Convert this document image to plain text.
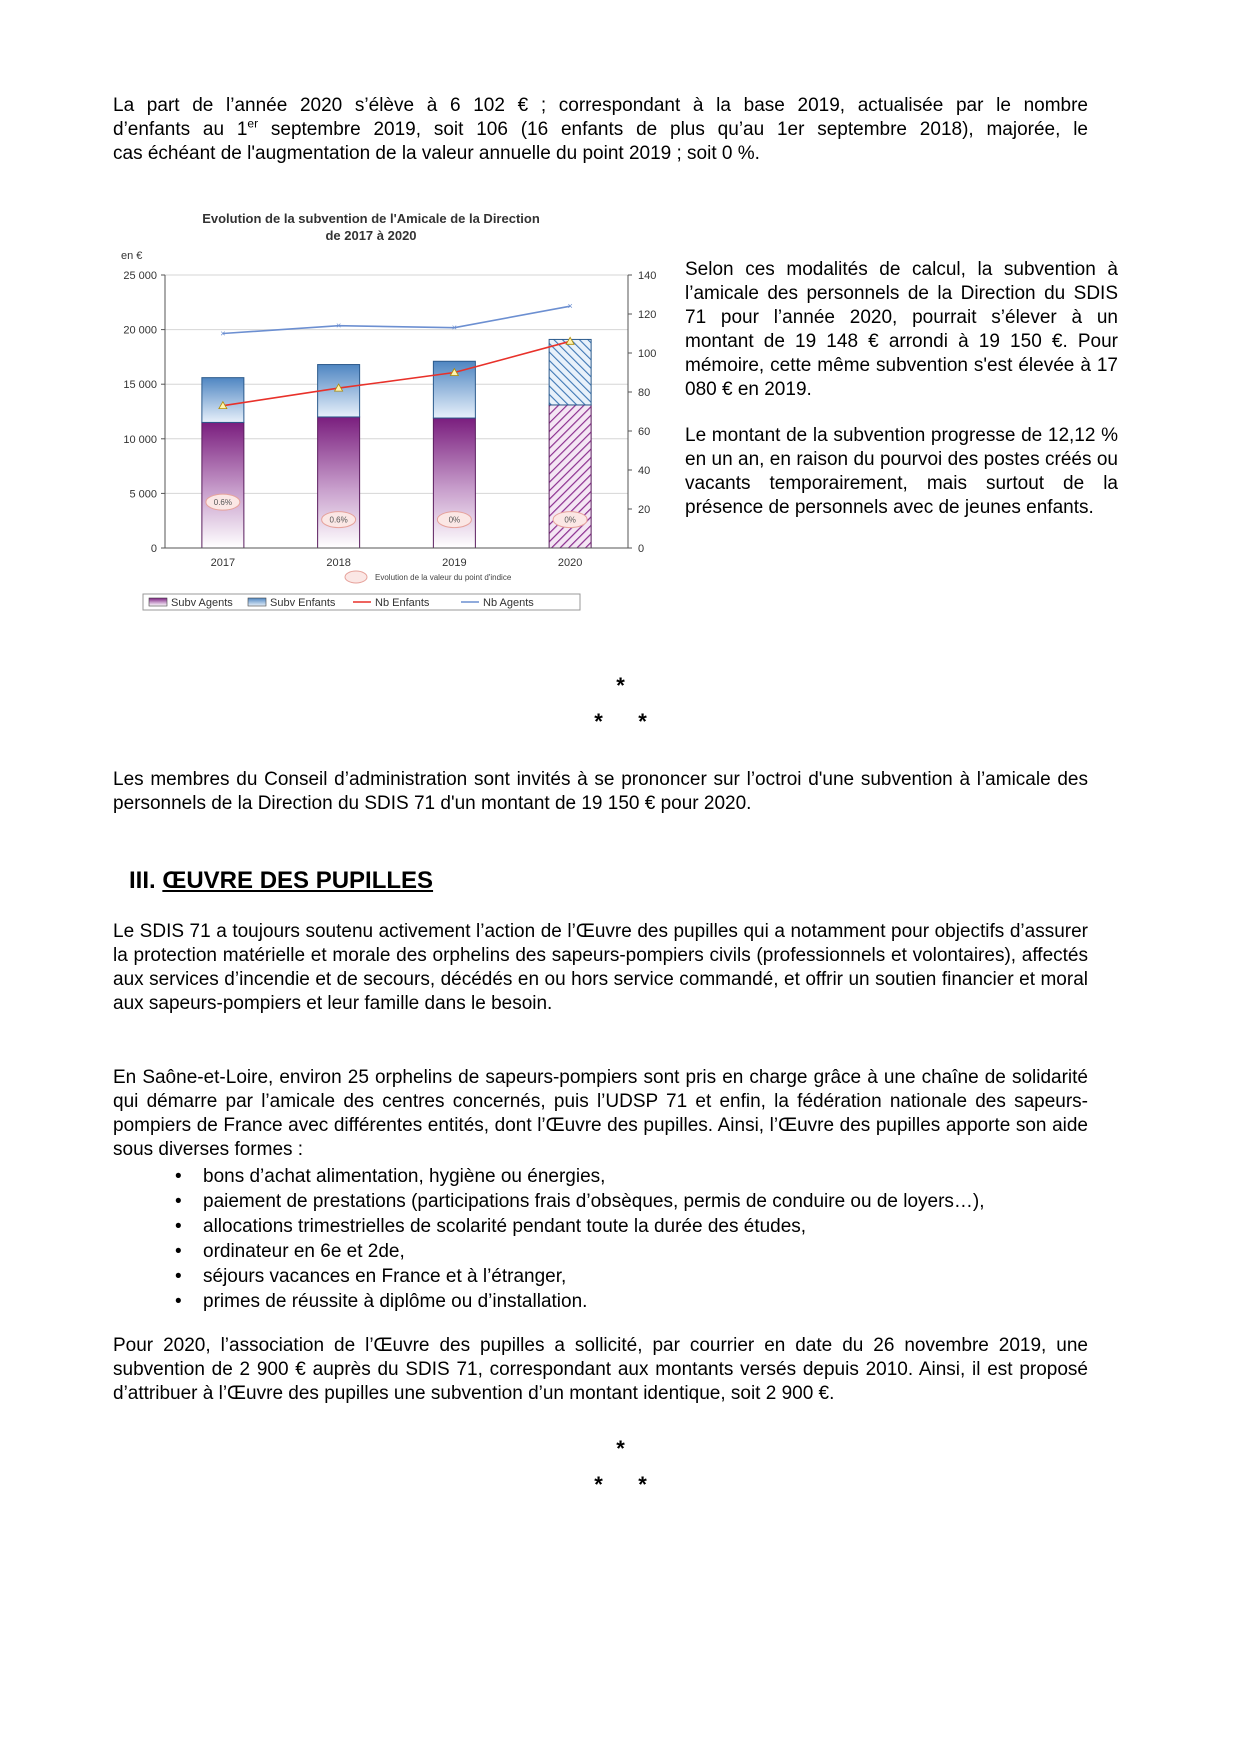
La part de l’année 2020 s’élève à 6 102 € ; correspondant à la base 2019, actualisée par le nombre
d’enfants au 1er septembre 2019, soit 106 (16 enfants de plus qu’au 1er septembre 2018), majorée, le
cas échéant de l'augmentation de la valeur annuelle du point 2019 ; soit 0 %.
Evolution de la subvention de l'Amicale de la Direction
de 2017 à 2020
en €
0.6%
0.6%	0%	0%
×
×	×
×
0
5 000
10 000
15 000
20 000
25 000
0
20
40
60
80
100
120
140
2017	2018	2019	2020
Evolution de la valeur du point d'indice
Subv Agents	Subv Enfants	Nb Enfants	Nb Agents
Selon ces modalités de calcul, la subvention à l’amicale des personnels de la Direction du SDIS 71 pour l’année 2020, pourrait s’élever à un montant de 19 148 € arrondi à 19 150 €. Pour mémoire, cette même subvention s'est élevée à 17 080 € en 2019.
Le montant de la subvention progresse de 12,12 % en un an, en raison du pourvoi des postes créés ou vacants temporairement, mais surtout de la présence de personnels avec de jeunes enfants.
*
* *
Les membres du Conseil d’administration sont invités à se prononcer sur l’octroi d'une subvention à l’amicale des personnels de la Direction du SDIS 71 d'un montant de 19 150 € pour 2020.
III. ŒUVRE DES PUPILLES
Le SDIS 71 a toujours soutenu activement l’action de l’Œuvre des pupilles qui a notamment pour objectifs d’assurer la protection matérielle et morale des orphelins des sapeurs-pompiers civils (professionnels et volontaires), affectés aux services d’incendie et de secours, décédés en ou hors service commandé, et offrir un soutien financier et moral aux sapeurs-pompiers et leur famille dans le besoin.
En Saône-et-Loire, environ 25 orphelins de sapeurs-pompiers sont pris en charge grâce à une chaîne de solidarité qui démarre par l’amicale des centres concernés, puis l’UDSP 71 et enfin, la fédération nationale des sapeurs-pompiers de France avec différentes entités, dont l’Œuvre des pupilles. Ainsi, l’Œuvre des pupilles apporte son aide sous diverses formes :
• bons d’achat alimentation, hygiène ou énergies,
• paiement de prestations (participations frais d’obsèques, permis de conduire ou de loyers…),
• allocations trimestrielles de scolarité pendant toute la durée des études,
• ordinateur en 6e et 2de,
• séjours vacances en France et à l’étranger,
• primes de réussite à diplôme ou d’installation.
Pour 2020, l’association de l’Œuvre des pupilles a sollicité, par courrier en date du 26 novembre 2019, une subvention de 2 900 € auprès du SDIS 71, correspondant aux montants versés depuis 2010. Ainsi, il est proposé d’attribuer à l’Œuvre des pupilles une subvention d’un montant identique, soit 2 900 €.
*
* *
